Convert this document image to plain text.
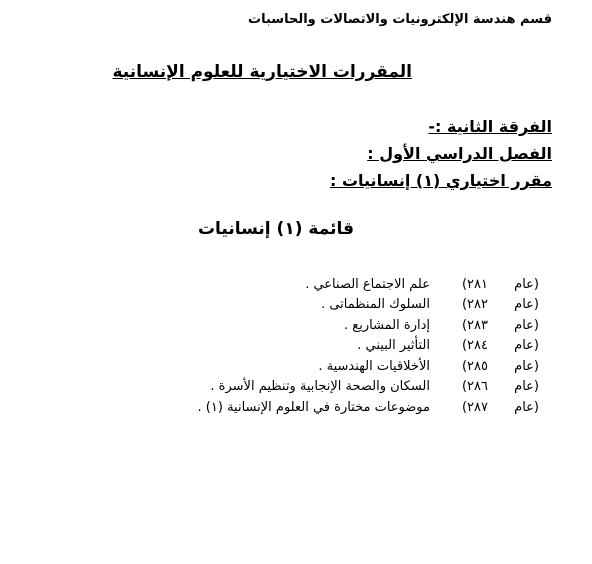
قسم هندسة الإلكترونيات والاتصالات والحاسبات
المقررات الاختيارية للعلوم الإنسانية
الفرقة الثانية :-
الفصل الدراسي الأول :
مقرر اختياري (١) إنسانيات :
قائمة (١) إنسانيات
(عام
٢٨١)
علم الاجتماع الصناعي .
(عام
٢٨٢)
السلوك المنظماتى .
(عام
٢٨٣)
إدارة المشاريع .
(عام
٢٨٤)
التأثير البيني .
(عام
٢٨٥)
الأخلاقيات الهندسية .
(عام
٢٨٦)
السكان والصحة الإنجابية وتنظيم الأسرة .
(عام
٢٨٧)
موضوعات مختارة في العلوم الإنسانية (١) .
